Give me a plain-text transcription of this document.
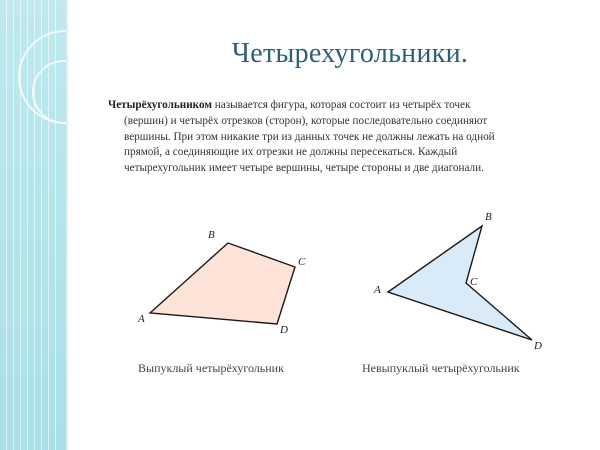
Четырехугольники.
Четырёхугольником называется фигура, которая состоит из четырёх точек
(вершин) и четырёх отрезков (сторон), которые последовательно соединяют
вершины. При этом никакие три из данных точек не должны лежать на одной
прямой, а соединяющие их отрезки не должны пересекаться. Каждый
четырехугольник имеет четыре вершины, четыре стороны и две диагонали.
A
B
C
D
A
B
C
D
Выпуклый четырёхугольник	Невыпуклый четырёхугольник
